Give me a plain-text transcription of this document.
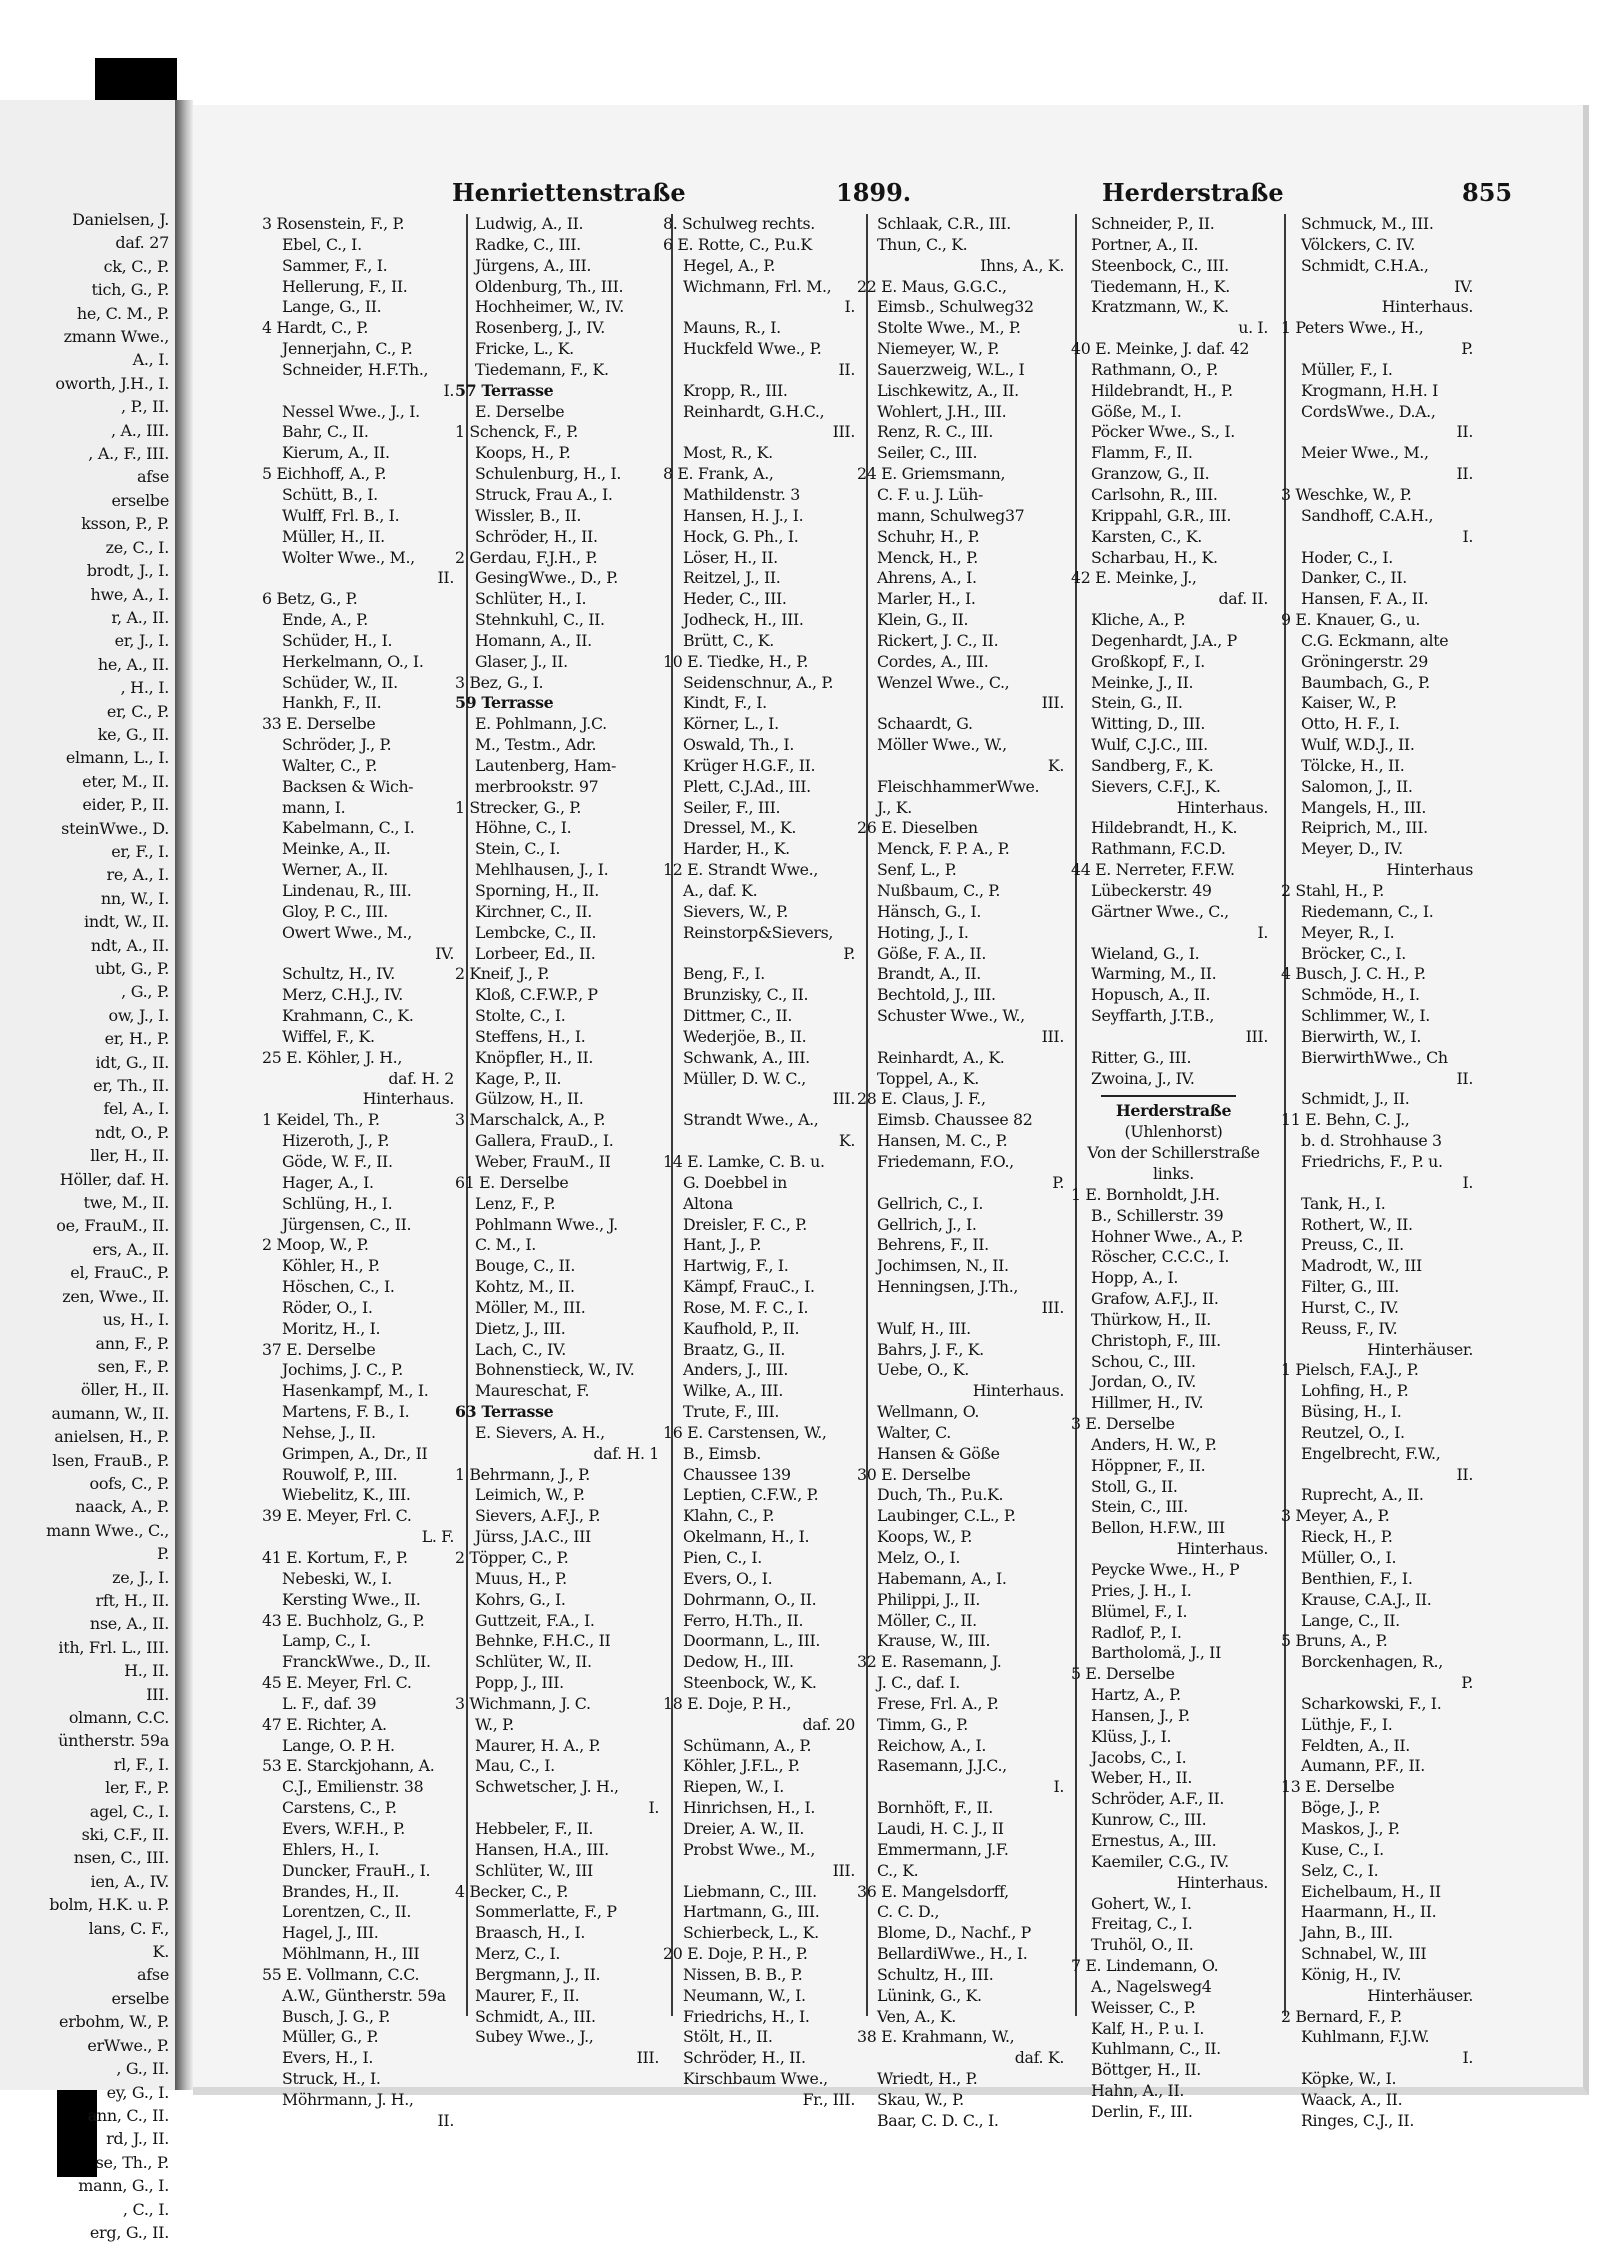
Danielsen, J.
daf. 27
ck, C., P.
tich, G., P.
he, C. M., P.
zmann Wwe.,
A., I.
oworth, J.H., I.
, P., II.
, A., III.
, A., F., III.
afse
erselbe
ksson, P., P.
ze, C., I.
brodt, J., I.
hwe, A., I.
r, A., II.
er, J., I.
he, A., II.
, H., I.
er, C., P.
ke, G., II.
elmann, L., I.
eter, M., II.
eider, P., II.
steinWwe., D.
er, F., I.
re, A., I.
nn, W., I.
indt, W., II.
ndt, A., II.
ubt, G., P.
, G., P.
ow, J., I.
er, H., P.
idt, G., II.
er, Th., II.
fel, A., I.
ndt, O., P.
ller, H., II.
Höller, daf. H.
twe, M., II.
oe, FrauM., II.
ers, A., II.
el, FrauC., P.
zen, Wwe., II.
us, H., I.
ann, F., P.
sen, F., P.
öller, H., II.
aumann, W., II.
anielsen, H., P.
lsen, FrauB., P.
oofs, C., P.
naack, A., P.
mann Wwe., C.,
P.
ze, J., I.
rft, H., II.
nse, A., II.
ith, Frl. L., III.
H., II.
III.
olmann, C.C.
üntherstr. 59a
rl, F., I.
ler, F., P.
agel, C., I.
ski, C.F., II.
nsen, C., III.
ien, A., IV.
bolm, H.K. u. P.
lans, C. F.,
K.
afse
erselbe
erbohm, W., P.
erWwe., P.
, G., II.
ey, G., I.
ann, C., II.
rd, J., II.
se, Th., P.
mann, G., I.
, C., I.
erg, G., II.
Henriettenstraße	1899.	Herderstraße	855
3 Rosenstein, F., P.
Ebel, C., I.
Sammer, F., I.
Hellerung, F., II.
Lange, G., II.
4 Hardt, C., P.
Jennerjahn, C., P.
Schneider, H.F.Th.,
I.
Nessel Wwe., J., I.
Bahr, C., II.
Kierum, A., II.
5 Eichhoff, A., P.
Schütt, B., I.
Wulff, Frl. B., I.
Müller, H., II.
Wolter Wwe., M.,
II.
6 Betz, G., P.
Ende, A., P.
Schüder, H., I.
Herkelmann, O., I.
Schüder, W., II.
Hankh, F., II.
33 E. Derselbe
Schröder, J., P.
Walter, C., P.
Backsen & Wich-
mann, I.
Kabelmann, C., I.
Meinke, A., II.
Werner, A., II.
Lindenau, R., III.
Gloy, P. C., III.
Owert Wwe., M.,
IV.
Schultz, H., IV.
Merz, C.H.J., IV.
Krahmann, C., K.
Wiffel, F., K.
25 E. Köhler, J. H.,
daf. H. 2
Hinterhaus.
1 Keidel, Th., P.
Hizeroth, J., P.
Göde, W. F., II.
Hager, A., I.
Schlüng, H., I.
Jürgensen, C., II.
2 Moop, W., P.
Köhler, H., P.
Höschen, C., I.
Röder, O., I.
Moritz, H., I.
37 E. Derselbe
Jochims, J. C., P.
Hasenkampf, M., I.
Martens, F. B., I.
Nehse, J., II.
Grimpen, A., Dr., II
Rouwolf, P., III.
Wiebelitz, K., III.
39 E. Meyer, Frl. C.
L. F.
41 E. Kortum, F., P.
Nebeski, W., I.
Kersting Wwe., II.
43 E. Buchholz, G., P.
Lamp, C., I.
FranckWwe., D., II.
45 E. Meyer, Frl. C.
L. F., daf. 39
47 E. Richter, A.
Lange, O. P. H.
53 E. Starckjohann, A.
C.J., Emilienstr. 38
Carstens, C., P.
Evers, W.F.H., P.
Ehlers, H., I.
Duncker, FrauH., I.
Brandes, H., II.
Lorentzen, C., II.
Hagel, J., III.
Möhlmann, H., III
55 E. Vollmann, C.C.
A.W., Güntherstr. 59a
Busch, J. G., P.
Müller, G., P.
Evers, H., I.
Struck, H., I.
Möhrmann, J. H.,
II.
Ludwig, A., II.
Radke, C., III.
Jürgens, A., III.
Oldenburg, Th., III.
Hochheimer, W., IV.
Rosenberg, J., IV.
Fricke, L., K.
Tiedemann, F., K.
57 Terrasse
E. Derselbe
1 Schenck, F., P.
Koops, H., P.
Schulenburg, H., I.
Struck, Frau A., I.
Wissler, B., II.
Schröder, H., II.
2 Gerdau, F.J.H., P.
GesingWwe., D., P.
Schlüter, H., I.
Stehnkuhl, C., II.
Homann, A., II.
Glaser, J., II.
3 Bez, G., I.
59 Terrasse
E. Pohlmann, J.C.
M., Testm., Adr.
Lautenberg, Ham-
merbrookstr. 97
1 Strecker, G., P.
Höhne, C., I.
Stein, C., I.
Mehlhausen, J., I.
Sporning, H., II.
Kirchner, C., II.
Lembcke, C., II.
Lorbeer, Ed., II.
2 Kneif, J., P.
Kloß, C.F.W.P., P
Stolte, C., I.
Steffens, H., I.
Knöpfler, H., II.
Kage, P., II.
Gülzow, H., II.
3 Marschalck, A., P.
Gallera, FrauD., I.
Weber, FrauM., II
61 E. Derselbe
Lenz, F., P.
Pohlmann Wwe., J.
C. M., I.
Bouge, C., II.
Kohtz, M., II.
Möller, M., III.
Dietz, J., III.
Lach, C., IV.
Bohnenstieck, W., IV.
Maureschat, F.
63 Terrasse
E. Sievers, A. H.,
daf. H. 1
1 Behrmann, J., P.
Leimich, W., P.
Sievers, A.F.J., P.
Jürss, J.A.C., III
2 Töpper, C., P.
Muus, H., P.
Kohrs, G., I.
Guttzeit, F.A., I.
Behnke, F.H.C., II
Schlüter, W., II.
Popp, J., III.
3 Wichmann, J. C.
W., P.
Maurer, H. A., P.
Mau, C., I.
Schwetscher, J. H.,
I.
Hebbeler, F., II.
Hansen, H.A., III.
Schlüter, W., III
4 Becker, C., P.
Sommerlatte, F., P
Braasch, H., I.
Merz, C., I.
Bergmann, J., II.
Maurer, F., II.
Schmidt, A., III.
Subey Wwe., J.,
III.
8. Schulweg rechts.
6 E. Rotte, C., P.u.K
Hegel, A., P.
Wichmann, Frl. M.,
I.
Mauns, R., I.
Huckfeld Wwe., P.
II.
Kropp, R., III.
Reinhardt, G.H.C.,
III.
Most, R., K.
8 E. Frank, A.,
Mathildenstr. 3
Hansen, H. J., I.
Hock, G. Ph., I.
Löser, H., II.
Reitzel, J., II.
Heder, C., III.
Jodheck, H., III.
Brütt, C., K.
10 E. Tiedke, H., P.
Seidenschnur, A., P.
Kindt, F., I.
Körner, L., I.
Oswald, Th., I.
Krüger H.G.F., II.
Plett, C.J.Ad., III.
Seiler, F., III.
Dressel, M., K.
Harder, H., K.
12 E. Strandt Wwe.,
A., daf. K.
Sievers, W., P.
Reinstorp&Sievers,
P.
Beng, F., I.
Brunzisky, C., II.
Dittmer, C., II.
Wederjöe, B., II.
Schwank, A., III.
Müller, D. W. C.,
III.
Strandt Wwe., A.,
K.
14 E. Lamke, C. B. u.
G. Doebbel in
Altona
Dreisler, F. C., P.
Hant, J., P.
Hartwig, F., I.
Kämpf, FrauC., I.
Rose, M. F. C., I.
Kaufhold, P., II.
Braatz, G., II.
Anders, J., III.
Wilke, A., III.
Trute, F., III.
16 E. Carstensen, W.,
B., Eimsb.
Chaussee 139
Leptien, C.F.W., P.
Klahn, C., P.
Okelmann, H., I.
Pien, C., I.
Evers, O., I.
Dohrmann, O., II.
Ferro, H.Th., II.
Doormann, L., III.
Dedow, H., III.
Steenbock, W., K.
18 E. Doje, P. H.,
daf. 20
Schümann, A., P.
Köhler, J.F.L., P.
Riepen, W., I.
Hinrichsen, H., I.
Dreier, A. W., II.
Probst Wwe., M.,
III.
Liebmann, C., III.
Hartmann, G., III.
Schierbeck, L., K.
20 E. Doje, P. H., P.
Nissen, B. B., P.
Neumann, W., I.
Friedrichs, H., I.
Stölt, H., II.
Schröder, H., II.
Kirschbaum Wwe.,
Fr., III.
Schlaak, C.R., III.
Thun, C., K.
Ihns, A., K.
22 E. Maus, G.G.C.,
Eimsb., Schulweg32
Stolte Wwe., M., P.
Niemeyer, W., P.
Sauerzweig, W.L., I
Lischkewitz, A., II.
Wohlert, J.H., III.
Renz, R. C., III.
Seiler, C., III.
24 E. Griemsmann,
C. F. u. J. Lüh-
mann, Schulweg37
Schuhr, H., P.
Menck, H., P.
Ahrens, A., I.
Marler, H., I.
Klein, G., II.
Rickert, J. C., II.
Cordes, A., III.
Wenzel Wwe., C.,
III.
Schaardt, G.
Möller Wwe., W.,
K.
FleischhammerWwe.
J., K.
26 E. Dieselben
Menck, F. P. A., P.
Senf, L., P.
Nußbaum, C., P.
Hänsch, G., I.
Hoting, J., I.
Göße, F. A., II.
Brandt, A., II.
Bechtold, J., III.
Schuster Wwe., W.,
III.
Reinhardt, A., K.
Toppel, A., K.
28 E. Claus, J. F.,
Eimsb. Chaussee 82
Hansen, M. C., P.
Friedemann, F.O.,
P.
Gellrich, C., I.
Gellrich, J., I.
Behrens, F., II.
Jochimsen, N., II.
Henningsen, J.Th.,
III.
Wulf, H., III.
Bahrs, J. F., K.
Uebe, O., K.
Hinterhaus.
Wellmann, O.
Walter, C.
Hansen & Göße
30 E. Derselbe
Duch, Th., P.u.K.
Laubinger, C.L., P.
Koops, W., P.
Melz, O., I.
Habemann, A., I.
Philippi, J., II.
Möller, C., II.
Krause, W., III.
32 E. Rasemann, J.
J. C., daf. I.
Frese, Frl. A., P.
Timm, G., P.
Reichow, A., I.
Rasemann, J.J.C.,
I.
Bornhöft, F., II.
Laudi, H. C. J., II
Emmermann, J.F.
C., K.
36 E. Mangelsdorff,
C. C. D.,
Blome, D., Nachf., P
BellardiWwe., H., I.
Schultz, H., III.
Lünink, G., K.
Ven, A., K.
38 E. Krahmann, W.,
daf. K.
Wriedt, H., P.
Skau, W., P.
Baar, C. D. C., I.
Schneider, P., II.
Portner, A., II.
Steenbock, C., III.
Tiedemann, H., K.
Kratzmann, W., K.
u. I.
40 E. Meinke, J. daf. 42
Rathmann, O., P.
Hildebrandt, H., P.
Göße, M., I.
Pöcker Wwe., S., I.
Flamm, F., II.
Granzow, G., II.
Carlsohn, R., III.
Krippahl, G.R., III.
Karsten, C., K.
Scharbau, H., K.
42 E. Meinke, J.,
daf. II.
Kliche, A., P.
Degenhardt, J.A., P
Großkopf, F., I.
Meinke, J., II.
Stein, G., II.
Witting, D., III.
Wulf, C.J.C., III.
Sandberg, F., K.
Sievers, C.F.J., K.
Hinterhaus.
Hildebrandt, H., K.
Rathmann, F.C.D.
44 E. Nerreter, F.F.W.
Lübeckerstr. 49
Gärtner Wwe., C.,
I.
Wieland, G., I.
Warming, M., II.
Hopusch, A., II.
Seyffarth, J.T.B.,
III.
Ritter, G., III.
Zwoina, J., IV.
Herderstraße
(Uhlenhorst)
Von der Schillerstraße
links.
1 E. Bornholdt, J.H.
B., Schillerstr. 39
Hohner Wwe., A., P.
Röscher, C.C.C., I.
Hopp, A., I.
Grafow, A.F.J., II.
Thürkow, H., II.
Christoph, F., III.
Schou, C., III.
Jordan, O., IV.
Hillmer, H., IV.
3 E. Derselbe
Anders, H. W., P.
Höppner, F., II.
Stoll, G., II.
Stein, C., III.
Bellon, H.F.W., III
Hinterhaus.
Peycke Wwe., H., P
Pries, J. H., I.
Blümel, F., I.
Radlof, P., I.
Bartholomä, J., II
5 E. Derselbe
Hartz, A., P.
Hansen, J., P.
Klüss, J., I.
Jacobs, C., I.
Weber, H., II.
Schröder, A.F., II.
Kunrow, C., III.
Ernestus, A., III.
Kaemiler, C.G., IV.
Hinterhaus.
Gohert, W., I.
Freitag, C., I.
Truhöl, O., II.
7 E. Lindemann, O.
A., Nagelsweg4
Weisser, C., P.
Kalf, H., P. u. I.
Kuhlmann, C., II.
Böttger, H., II.
Hahn, A., II.
Derlin, F., III.
Schmuck, M., III.
Völckers, C. IV.
Schmidt, C.H.A.,
IV.
Hinterhaus.
1 Peters Wwe., H.,
P.
Müller, F., I.
Krogmann, H.H. I
CordsWwe., D.A.,
II.
Meier Wwe., M.,
II.
3 Weschke, W., P.
Sandhoff, C.A.H.,
I.
Hoder, C., I.
Danker, C., II.
Hansen, F. A., II.
9 E. Knauer, G., u.
C.G. Eckmann, alte
Gröningerstr. 29
Baumbach, G., P.
Kaiser, W., P.
Otto, H. F., I.
Wulf, W.D.J., II.
Tölcke, H., II.
Salomon, J., II.
Mangels, H., III.
Reiprich, M., III.
Meyer, D., IV.
Hinterhaus
2 Stahl, H., P.
Riedemann, C., I.
Meyer, R., I.
Bröcker, C., I.
4 Busch, J. C. H., P.
Schmöde, H., I.
Schlimmer, W., I.
Bierwirth, W., I.
BierwirthWwe., Ch
II.
Schmidt, J., II.
11 E. Behn, C. J.,
b. d. Strohhause 3
Friedrichs, F., P. u.
I.
Tank, H., I.
Rothert, W., II.
Preuss, C., II.
Madrodt, W., III
Filter, G., III.
Hurst, C., IV.
Reuss, F., IV.
Hinterhäuser.
1 Pielsch, F.A.J., P.
Lohfing, H., P.
Büsing, H., I.
Reutzel, O., I.
Engelbrecht, F.W.,
II.
Ruprecht, A., II.
3 Meyer, A., P.
Rieck, H., P.
Müller, O., I.
Benthien, F., I.
Krause, C.A.J., II.
Lange, C., II.
5 Bruns, A., P.
Borckenhagen, R.,
P.
Scharkowski, F., I.
Lüthje, F., I.
Feldten, A., II.
Aumann, P.F., II.
13 E. Derselbe
Böge, J., P.
Maskos, J., P.
Kuse, C., I.
Selz, C., I.
Eichelbaum, H., II
Haarmann, H., II.
Jahn, B., III.
Schnabel, W., III
König, H., IV.
Hinterhäuser.
2 Bernard, F., P.
Kuhlmann, F.J.W.
I.
Köpke, W., I.
Waack, A., II.
Ringes, C.J., II.
